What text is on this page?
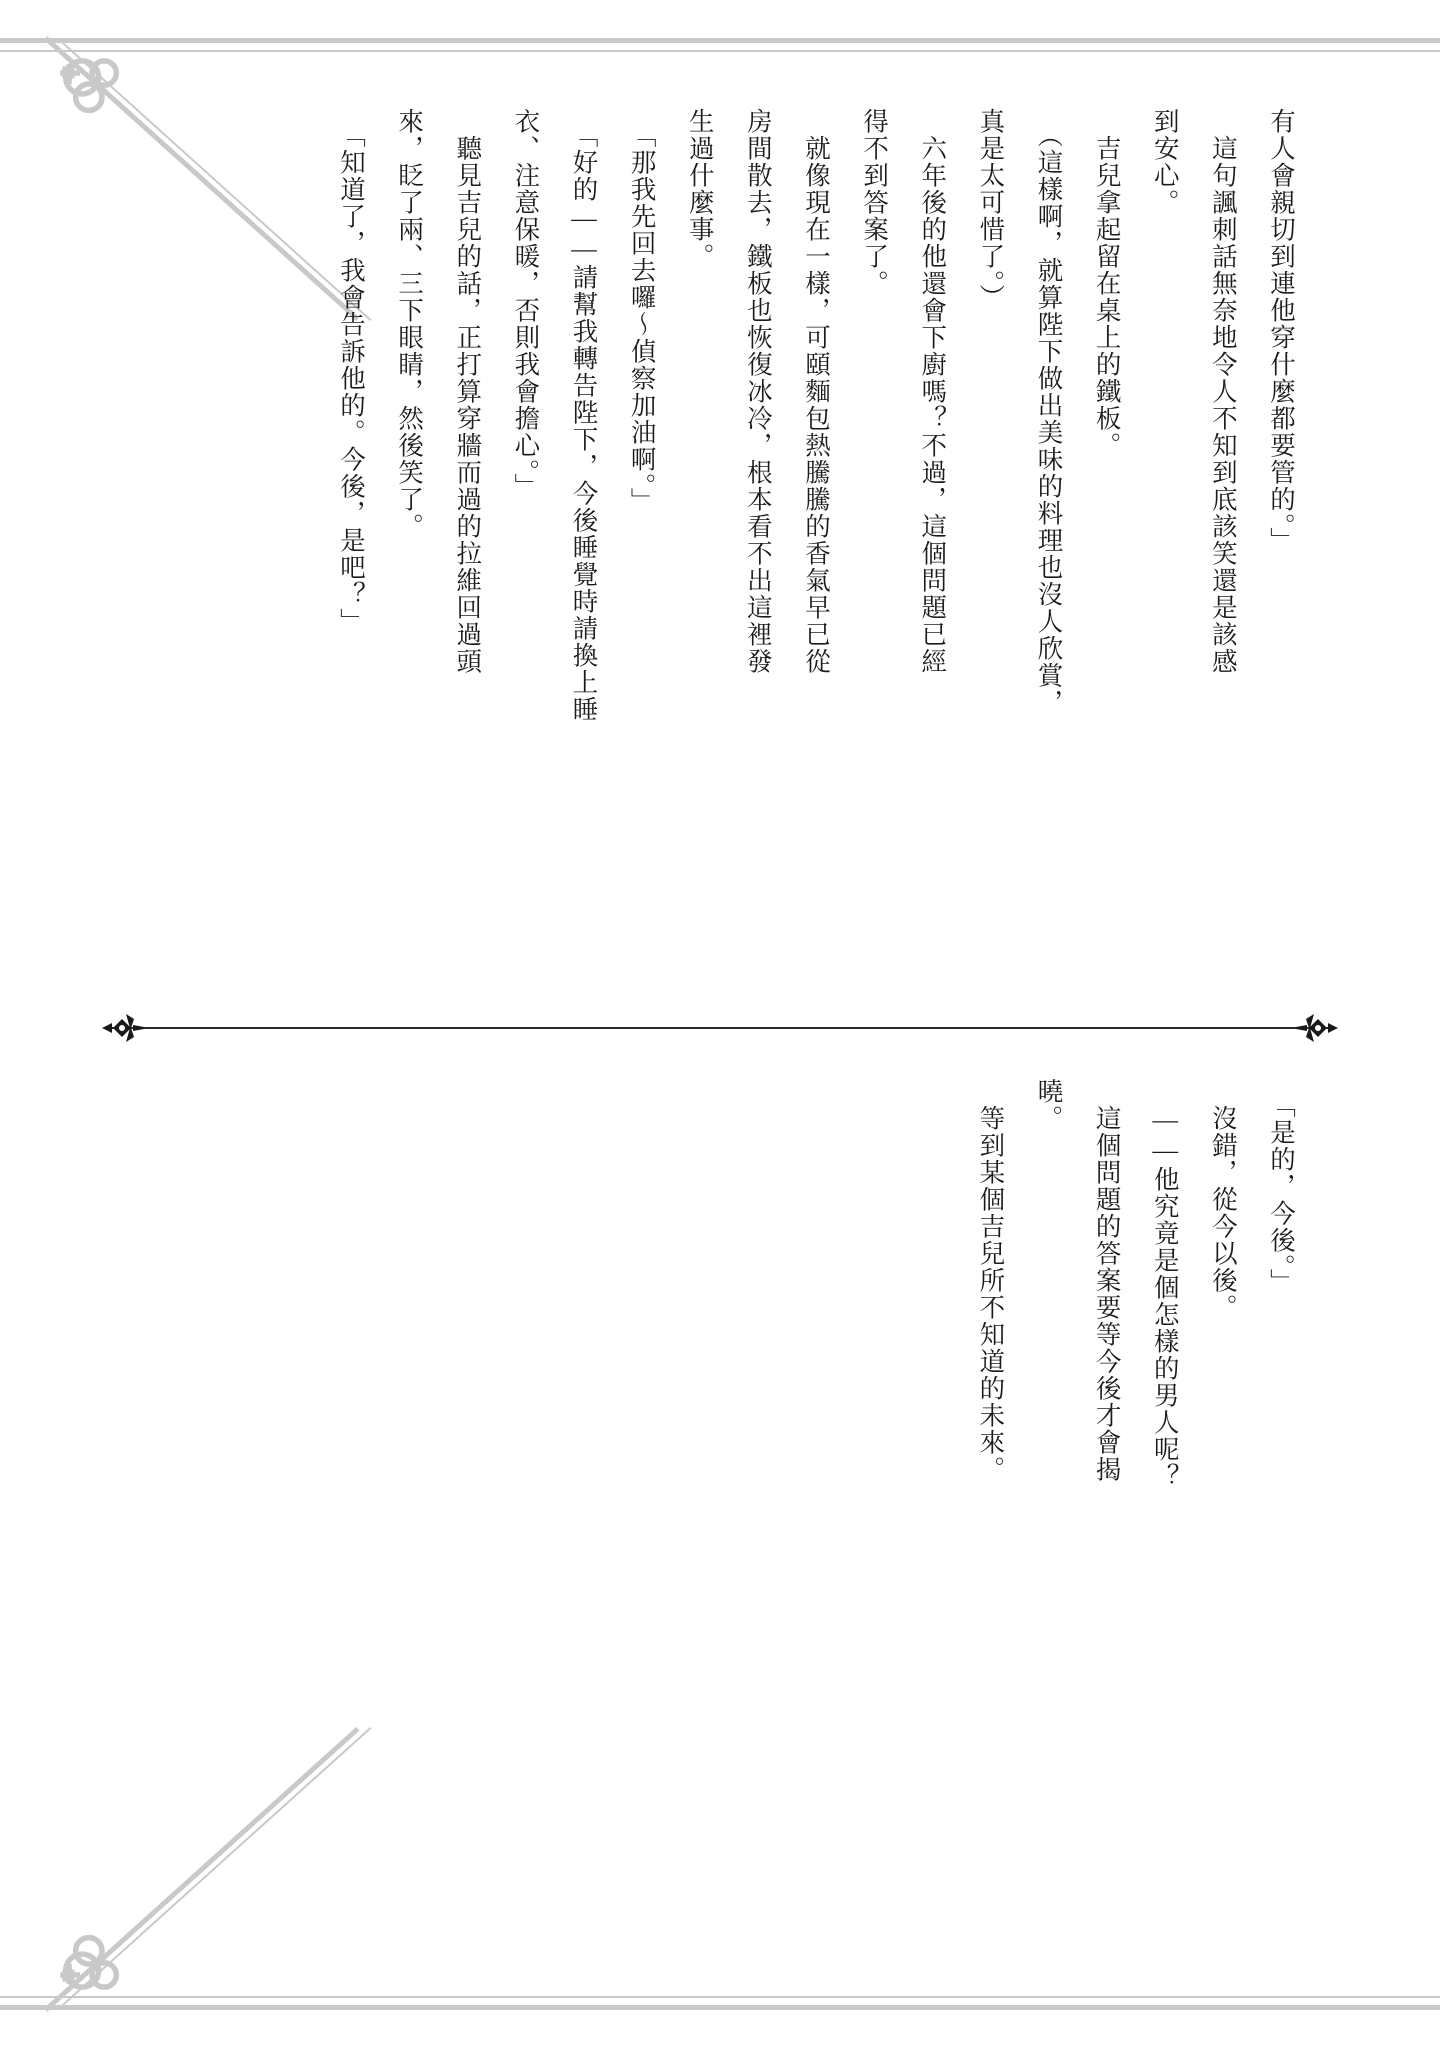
有人會親切到連他穿什麼都要管的。」

　這句諷刺話無奈地令人不知到底該笑還是該感

到安心。

　吉兒拿起留在桌上的鐵板。

　（這樣啊，就算陛下做出美味的料理也沒人欣賞，

真是太可惜了。）

　六年後的他還會下廚嗎？不過，這個問題已經

得不到答案了。

　就像現在一樣，可頤麵包熱騰騰的香氣早已從

房間散去，鐵板也恢復冰冷，根本看不出這裡發

生過什麼事。

　「那我先回去囉～偵察加油啊。」

　「好的——請幫我轉告陛下，今後睡覺時請換上睡

衣、注意保暖，否則我會擔心。」

　聽見吉兒的話，正打算穿牆而過的拉維回過頭

來，眨了兩、三下眼睛，然後笑了。

　「知道了，我會告訴他的。今後，是吧？」

　「是的，今後。」

　沒錯，從今以後。

　——他究竟是個怎樣的男人呢？

　這個問題的答案要等今後才會揭曉。

　等到某個吉兒所不知道的未來。
